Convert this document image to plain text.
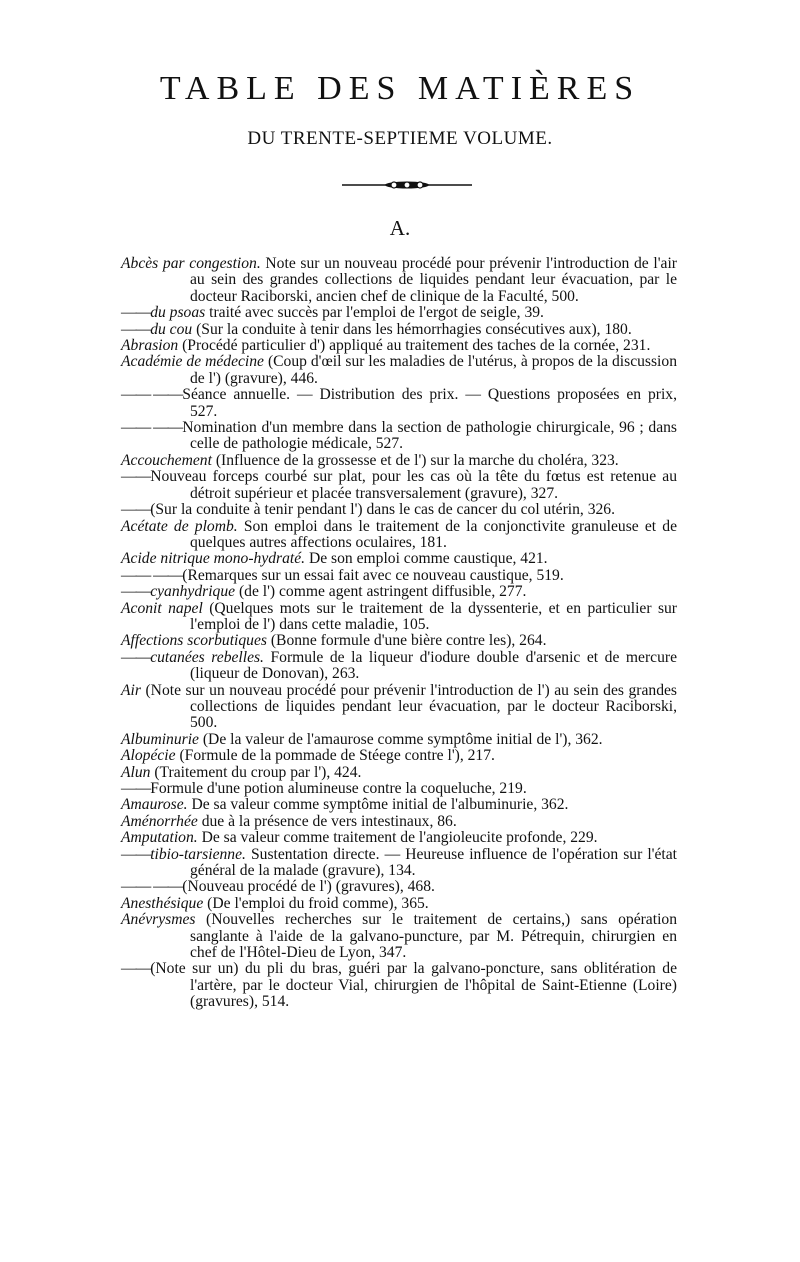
TABLE DES MATIÈRES
DU TRENTE-SEPTIEME VOLUME.
A.

Abcès par congestion. Note sur un nouveau procédé pour prévenir l'introduction de l'air au sein des grandes collections de liquides pendant leur évacuation, par le docteur Raciborski, ancien chef de clinique de la Faculté, 500.

——du psoas traité avec succès par l'emploi de l'ergot de seigle, 39.

——du cou (Sur la conduite à tenir dans les hémorrhagies consécutives aux), 180.

Abrasion (Procédé particulier d') appliqué au traitement des taches de la cornée, 231.

Académie de médecine (Coup d'œil sur les maladies de l'utérus, à propos de la discussion de l') (gravure), 446.

—— ——Séance annuelle. — Distribution des prix. — Questions proposées en prix, 527.

—— ——Nomination d'un membre dans la section de pathologie chirurgicale, 96 ; dans celle de pathologie médicale, 527.

Accouchement (Influence de la grossesse et de l') sur la marche du choléra, 323.

——Nouveau forceps courbé sur plat, pour les cas où la tête du fœtus est retenue au détroit supérieur et placée transversalement (gravure), 327.

——(Sur la conduite à tenir pendant l') dans le cas de cancer du col utérin, 326.

Acétate de plomb. Son emploi dans le traitement de la conjonctivite granuleuse et de quelques autres affections oculaires, 181.

Acide nitrique mono-hydraté. De son emploi comme caustique, 421.

—— ——(Remarques sur un essai fait avec ce nouveau caustique, 519.

——cyanhydrique (de l') comme agent astringent diffusible, 277.

Aconit napel (Quelques mots sur le traitement de la dyssenterie, et en particulier sur l'emploi de l') dans cette maladie, 105.

Affections scorbutiques (Bonne formule d'une bière contre les), 264.

——cutanées rebelles. Formule de la liqueur d'iodure double d'arsenic et de mercure (liqueur de Donovan), 263.

Air (Note sur un nouveau procédé pour prévenir l'introduction de l') au sein des grandes collections de liquides pendant leur évacuation, par le docteur Raciborski, 500.

Albuminurie (De la valeur de l'amaurose comme symptôme initial de l'), 362.

Alopécie (Formule de la pommade de Stéege contre l'), 217.

Alun (Traitement du croup par l'), 424.

——Formule d'une potion alumineuse contre la coqueluche, 219.

Amaurose. De sa valeur comme symptôme initial de l'albuminurie, 362.

Aménorrhée due à la présence de vers intestinaux, 86.

Amputation. De sa valeur comme traitement de l'angioleucite profonde, 229.

——tibio-tarsienne. Sustentation directe. — Heureuse influence de l'opération sur l'état général de la malade (gravure), 134.

—— ——(Nouveau procédé de l') (gravures), 468.

Anesthésique (De l'emploi du froid comme), 365.

Anévrysmes (Nouvelles recherches sur le traitement de certains,) sans opération sanglante à l'aide de la galvano-puncture, par M. Pétrequin, chirurgien en chef de l'Hôtel-Dieu de Lyon, 347.

——(Note sur un) du pli du bras, guéri par la galvano-poncture, sans oblitération de l'artère, par le docteur Vial, chirurgien de l'hôpital de Saint-Etienne (Loire) (gravures), 514.
